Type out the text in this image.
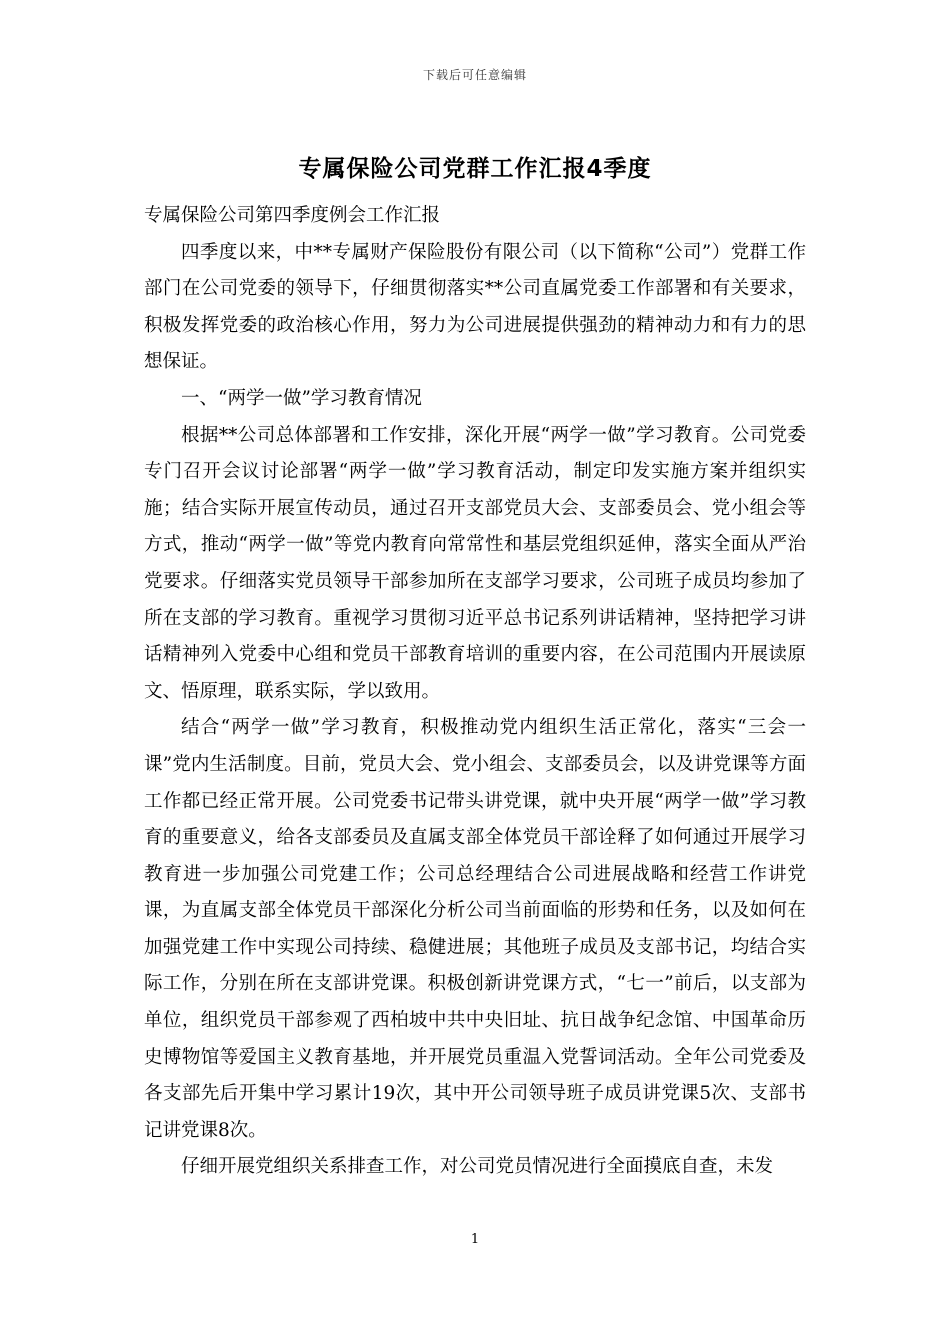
下载后可任意编辑
专属保险公司党群工作汇报4季度

专属保险公司第四季度例会工作汇报

四季度以来，中**专属财产保险股份有限公司（以下简称“公司”）党群工作部门在公司党委的领导下，仔细贯彻落实**公司直属党委工作部署和有关要求，积极发挥党委的政治核心作用，努力为公司进展提供强劲的精神动力和有力的思想保证。

一、“两学一做”学习教育情况

根据**公司总体部署和工作安排，深化开展“两学一做”学习教育。公司党委专门召开会议讨论部署“两学一做”学习教育活动，制定印发实施方案并组织实施；结合实际开展宣传动员，通过召开支部党员大会、支部委员会、党小组会等方式，推动“两学一做”等党内教育向常常性和基层党组织延伸，落实全面从严治党要求。仔细落实党员领导干部参加所在支部学习要求，公司班子成员均参加了所在支部的学习教育。重视学习贯彻习近平总书记系列讲话精神，坚持把学习讲话精神列入党委中心组和党员干部教育培训的重要内容，在公司范围内开展读原文、悟原理，联系实际，学以致用。

结合“两学一做”学习教育，积极推动党内组织生活正常化，落实“三会一课”党内生活制度。目前，党员大会、党小组会、支部委员会，以及讲党课等方面工作都已经正常开展。公司党委书记带头讲党课，就中央开展“两学一做”学习教育的重要意义，给各支部委员及直属支部全体党员干部诠释了如何通过开展学习教育进一步加强公司党建工作；公司总经理结合公司进展战略和经营工作讲党课，为直属支部全体党员干部深化分析公司当前面临的形势和任务，以及如何在加强党建工作中实现公司持续、稳健进展；其他班子成员及支部书记，均结合实际工作，分别在所在支部讲党课。积极创新讲党课方式，“七一”前后，以支部为单位，组织党员干部参观了西柏坡中共中央旧址、抗日战争纪念馆、中国革命历史博物馆等爱国主义教育基地，并开展党员重温入党誓词活动。全年公司党委及各支部先后开集中学习累计19次，其中开公司领导班子成员讲党课5次、支部书记讲党课8次。

仔细开展党组织关系排查工作，对公司党员情况进行全面摸底自查，未发

1
